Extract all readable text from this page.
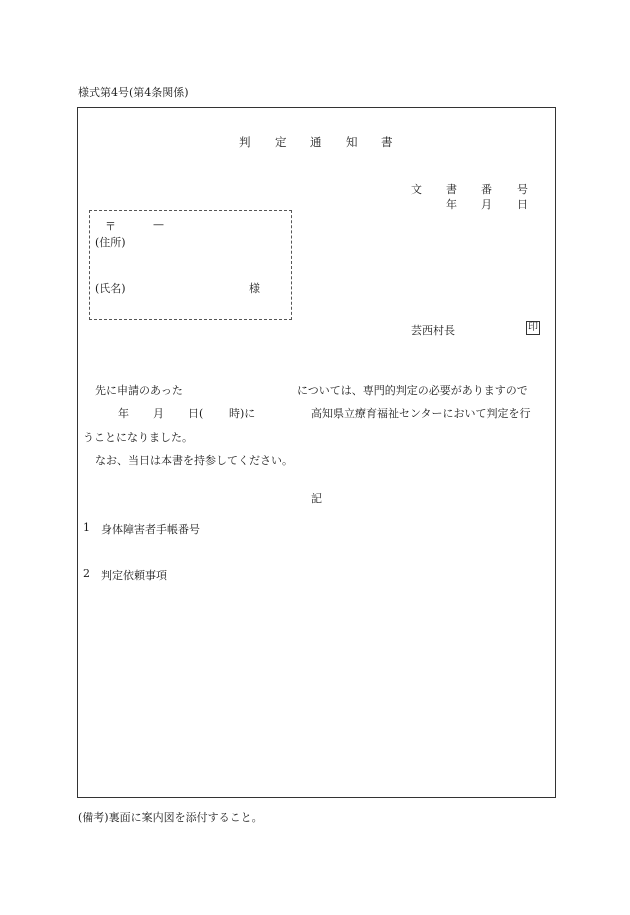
様式第4号(第4条関係)
判 定 通 知 書
文 書 番 号
年 月 日
〒	—
(住所)
(氏名)	様
芸西村長	印
先に申請のあった	については、専門的判定の必要がありますので
年 月 日( 時)に	高知県立療育福祉センターにおいて判定を行
うことになりました。
なお、当日は本書を持参してください。
記
1 身体障害者手帳番号
2 判定依頼事項
(備考)裏面に案内図を添付すること。
